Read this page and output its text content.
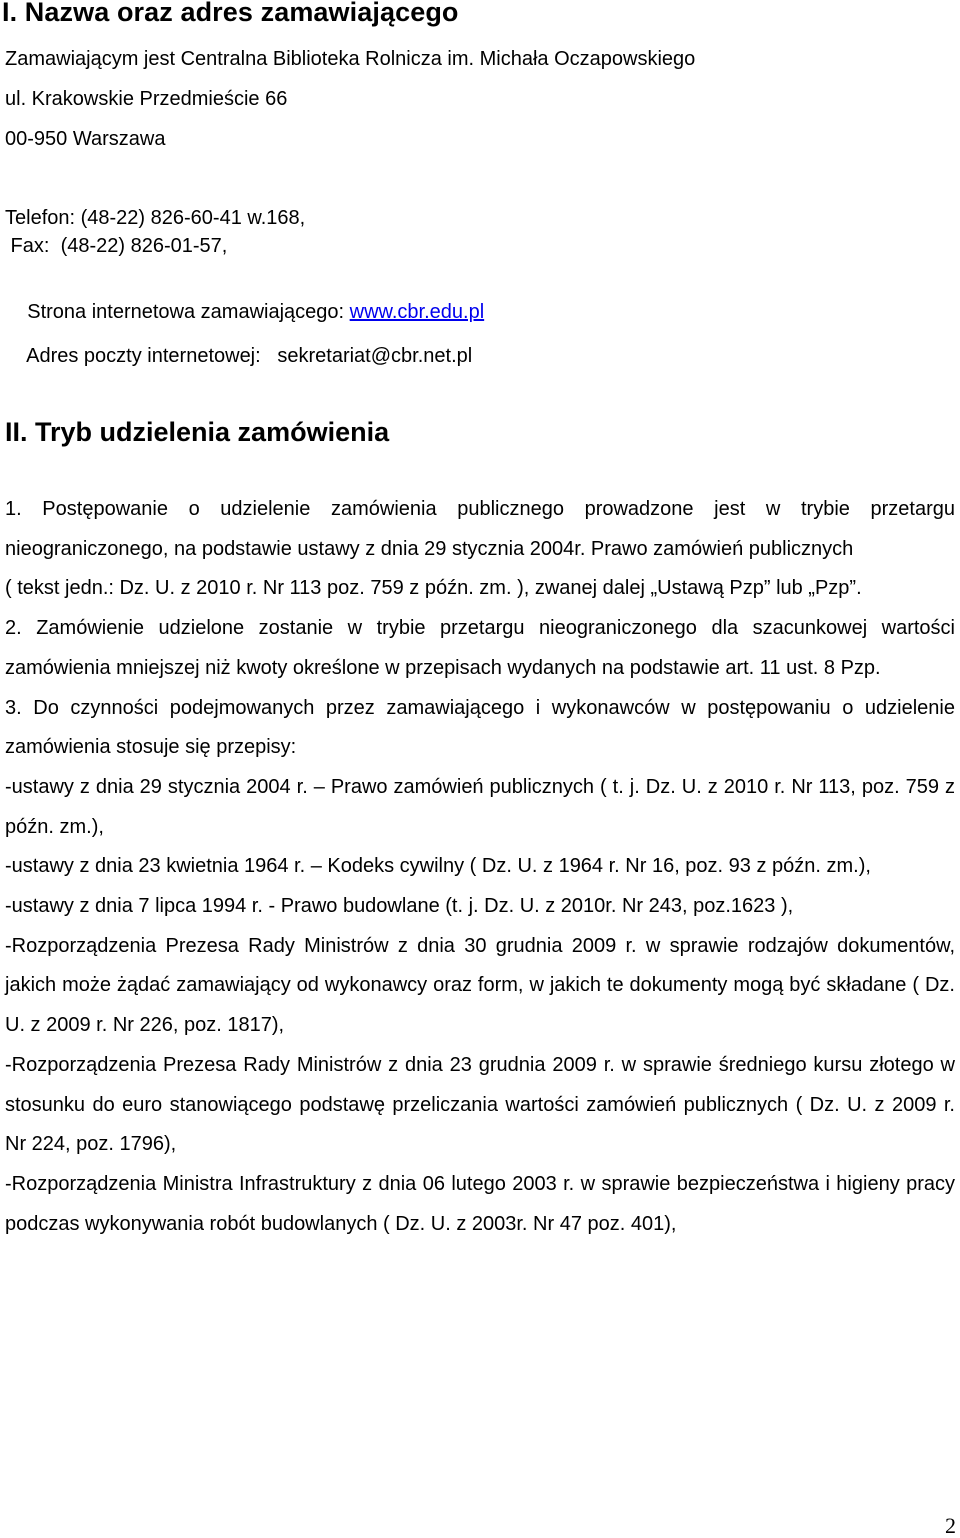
I. Nazwa oraz adres zamawiającego
Zamawiającym jest Centralna Biblioteka Rolnicza im. Michała Oczapowskiego
ul. Krakowskie Przedmieście 66
00-950 Warszawa
Telefon: (48-22) 826-60-41 w.168,
Fax:  (48-22) 826-01-57,

Strona internetowa zamawiającego: www.cbr.edu.pl

Adres poczty internetowej:   sekretariat@cbr.net.pl

II. Tryb udzielenia zamówienia

1. Postępowanie o udzielenie zamówienia publicznego prowadzone jest w trybie przetargu nieograniczonego, na podstawie ustawy z dnia 29 stycznia 2004r. Prawo zamówień publicznych

( tekst jedn.: Dz. U. z 2010 r. Nr 113 poz. 759 z późn. zm. ), zwanej dalej „Ustawą Pzp” lub „Pzp”.

2. Zamówienie udzielone zostanie w trybie przetargu nieograniczonego dla szacunkowej wartości zamówienia mniejszej niż kwoty określone w przepisach wydanych na podstawie art. 11 ust. 8 Pzp.

3. Do czynności podejmowanych przez zamawiającego i wykonawców w postępowaniu o udzielenie zamówienia stosuje się przepisy:

-ustawy z dnia 29 stycznia 2004 r. – Prawo zamówień publicznych ( t. j. Dz. U. z 2010 r. Nr 113, poz. 759 z późn. zm.),

-ustawy z dnia 23 kwietnia 1964 r. – Kodeks cywilny ( Dz. U. z 1964 r. Nr 16, poz. 93 z późn. zm.),

-ustawy z dnia 7 lipca 1994 r. - Prawo budowlane (t. j. Dz. U. z 2010r. Nr 243, poz.1623 ),

-Rozporządzenia Prezesa Rady Ministrów z dnia 30 grudnia 2009 r. w sprawie rodzajów dokumentów, jakich może żądać zamawiający od wykonawcy oraz form, w jakich te dokumenty mogą być składane ( Dz. U. z 2009 r. Nr 226, poz. 1817),

-Rozporządzenia Prezesa Rady Ministrów z dnia 23 grudnia 2009 r. w sprawie średniego kursu złotego w stosunku do euro stanowiącego podstawę przeliczania wartości zamówień publicznych ( Dz. U. z 2009 r. Nr 224, poz. 1796),

-Rozporządzenia Ministra Infrastruktury z dnia 06 lutego 2003 r. w sprawie bezpieczeństwa i higieny pracy podczas wykonywania robót budowlanych ( Dz. U. z 2003r. Nr 47 poz. 401),

2
